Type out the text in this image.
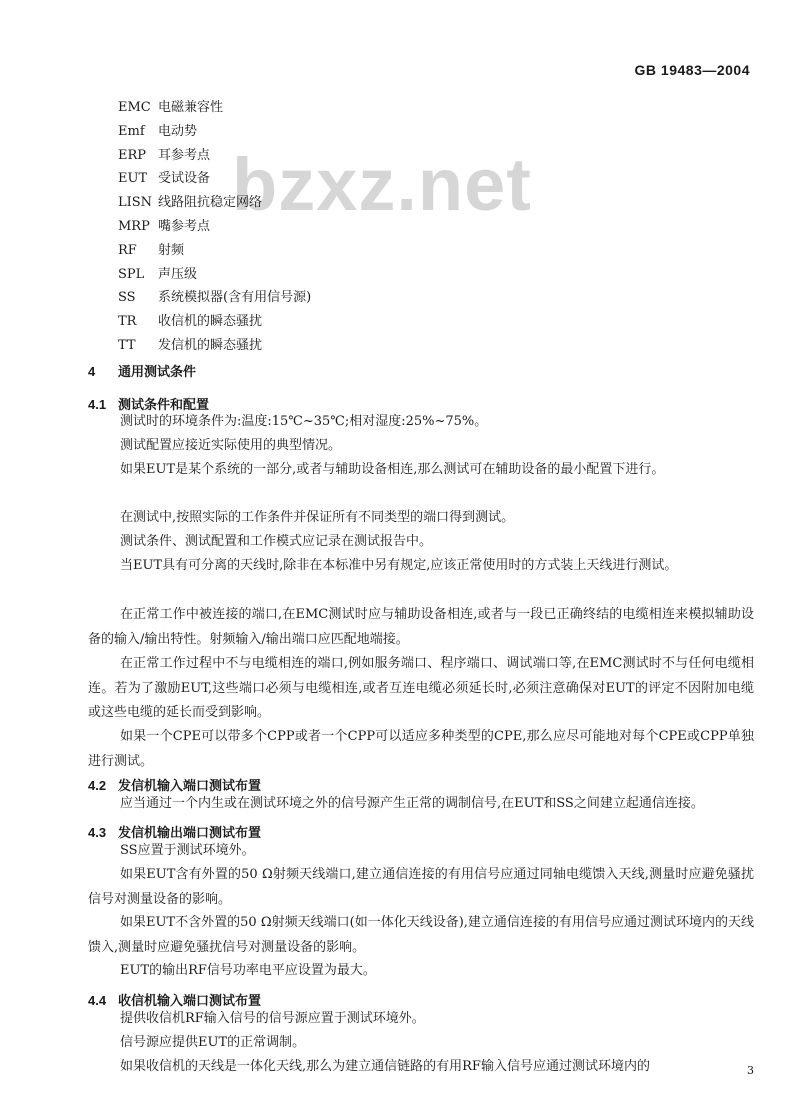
GB 19483—2004
bzxz.net
EMC 电磁兼容性
Emf 电动势
ERP 耳参考点
EUT 受试设备
LISN 线路阻抗稳定网络
MRP 嘴参考点
RF 射频
SPL 声压级
SS 系统模拟器(含有用信号源)
TR 收信机的瞬态骚扰
TT 发信机的瞬态骚扰
4 通用测试条件
4.1 测试条件和配置
测试时的环境条件为:温度:15℃~35℃;相对湿度:25%~75%。
测试配置应接近实际使用的典型情况。
如果EUT是某个系统的一部分,或者与辅助设备相连,那么测试可在辅助设备的最小配置下进行。
在测试中,按照实际的工作条件并保证所有不同类型的端口得到测试。
测试条件、测试配置和工作模式应记录在测试报告中。
当EUT具有可分离的天线时,除非在本标准中另有规定,应该正常使用时的方式装上天线进行测试。
在正常工作中被连接的端口,在EMC测试时应与辅助设备相连,或者与一段已正确终结的电缆相连来模拟辅助设备的输入/输出特性。射频输入/输出端口应匹配地端接。
在正常工作过程中不与电缆相连的端口,例如服务端口、程序端口、调试端口等,在EMC测试时不与任何电缆相连。若为了激励EUT,这些端口必须与电缆相连,或者互连电缆必须延长时,必须注意确保对EUT的评定不因附加电缆或这些电缆的延长而受到影响。
如果一个CPE可以带多个CPP或者一个CPP可以适应多种类型的CPE,那么应尽可能地对每个CPE或CPP单独进行测试。
4.2 发信机输入端口测试布置
应当通过一个内生或在测试环境之外的信号源产生正常的调制信号,在EUT和SS之间建立起通信连接。
4.3 发信机输出端口测试布置
SS应置于测试环境外。
如果EUT含有外置的50 Ω射频天线端口,建立通信连接的有用信号应通过同轴电缆馈入天线,测量时应避免骚扰信号对测量设备的影响。
如果EUT不含外置的50 Ω射频天线端口(如一体化天线设备),建立通信连接的有用信号应通过测试环境内的天线馈入,测量时应避免骚扰信号对测量设备的影响。
EUT的输出RF信号功率电平应设置为最大。
4.4 收信机输入端口测试布置
提供收信机RF输入信号的信号源应置于测试环境外。
信号源应提供EUT的正常调制。
如果收信机的天线是一体化天线,那么为建立通信链路的有用RF输入信号应通过测试环境内的	3
